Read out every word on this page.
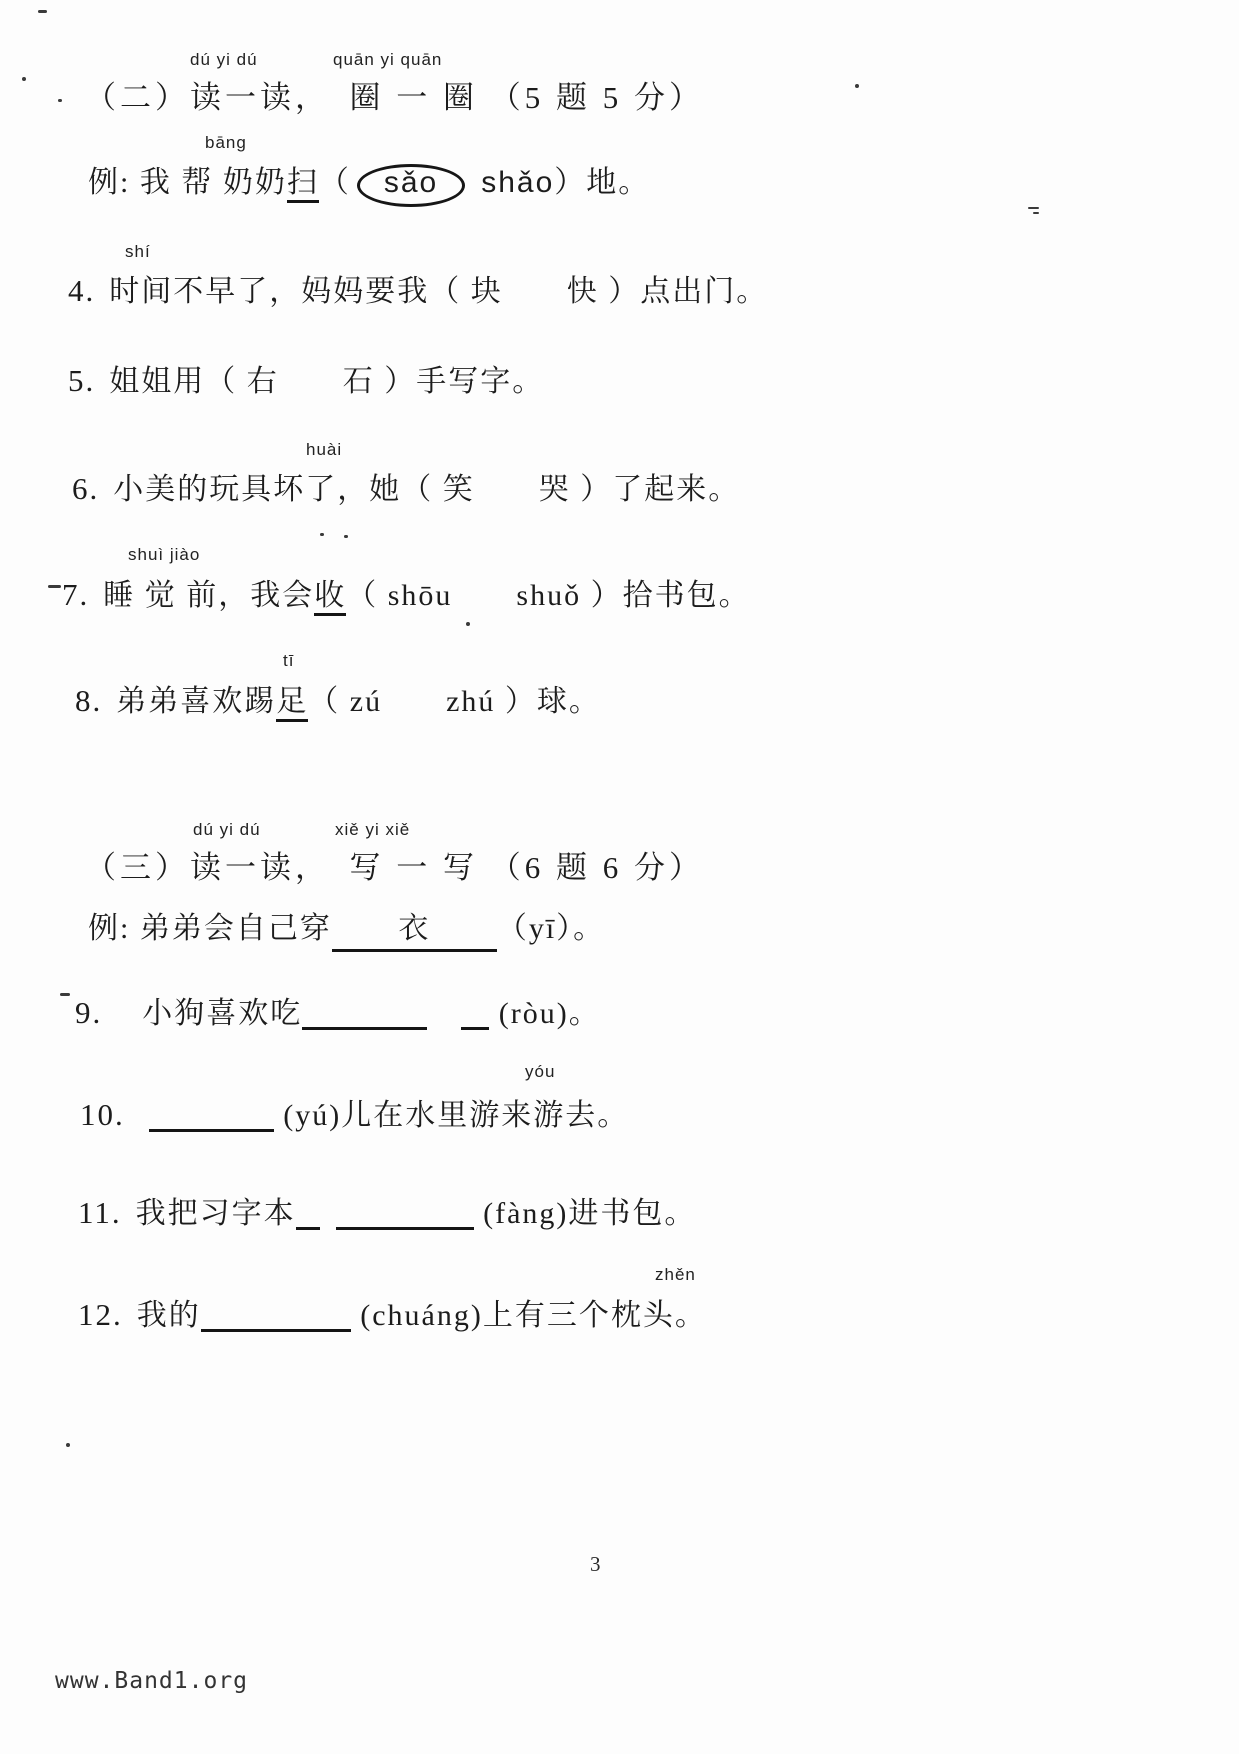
dú yi dú	quān yi quān
（二）读一读，　圈 一 圈 （5 题 5 分）
bāng
例: 我 帮 奶奶扫（ sǎo shǎo）地。
shí
4. 时间不早了，妈妈要我（ 块　　快 ）点出门。
5. 姐姐用（ 右　　石 ）手写字。
huài
6. 小美的玩具坏了，她（ 笑　　哭 ）了起来。
shuì jiào
7. 睡 觉 前，我会收（ shōu　　shuǒ ）拾书包。
tī
8. 弟弟喜欢踢足（ zú　　zhú ）球。
dú yi dú	xiě yi xiě
（三）读一读，　写 一 写 （6 题 6 分）
例: 弟弟会自己穿 衣 （yī）。
9. 小狗喜欢吃	(ròu)。
yóu
10.	(yú)儿在水里游来游去。
11. 我把习字本	(fàng)进书包。
zhěn
12. 我的	(chuáng)上有三个枕头。
3
www.Band1.org
